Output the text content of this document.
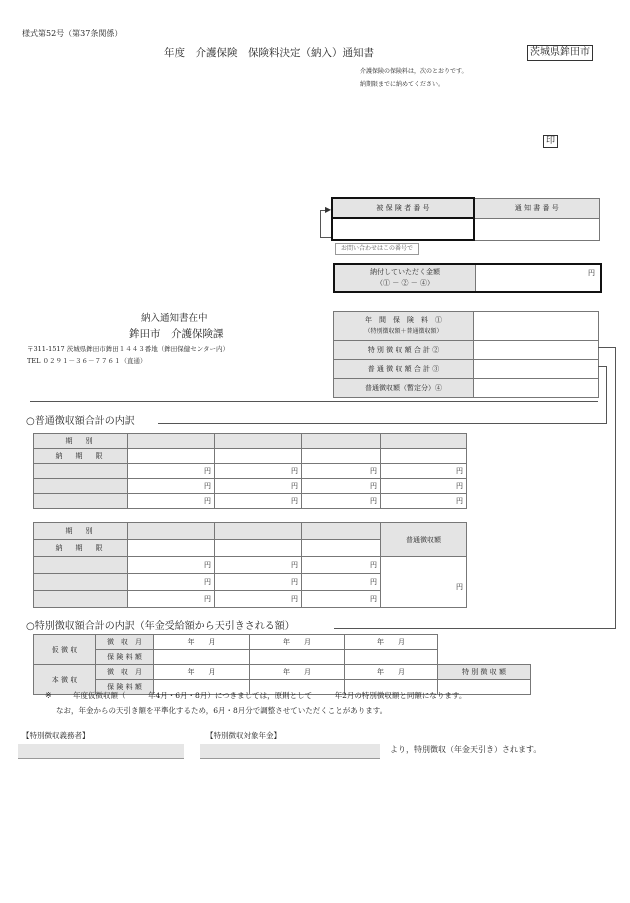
様式第52号（第37条関係）
年度　介護保険　保険料決定（納入）通知書	茨城県鉾田市
介護保険の保険料は，次のとおりです。
納期限までに納めてください。
印
被 保 険 者 番 号	通 知 書 番 号

▶
お問い合わせはこの番号で
納付していただく金額
（① － ② － ④）
円
納入通知書在中
鉾田市　介護保険課
〒311-1517 茨城県鉾田市鉾田１４４３番地（鉾田保健センター内）
TEL ０２９１－３６－７７６１（直通）
年　間　保　険　料　①
（特別徴収額＋普通徴収額）	
特 別 徴 収 額 合 計 ②	
普 通 徴 収 額 合 計 ③	
普通徴収額（暫定分）④	
○普通徴収額合計の内訳
期　別				
納　期　限				
	円	円	円	円
	円	円	円	円
	円	円	円	円
期　別				普通徴収額
納　期　限				
	円	円	円	円
	円	円	円	
	円	円	円	
○特別徴収額合計の内訳（年金受給額から天引きされる額）
仮 徴 収	徴　収　月	年　　月	年　　月	年　　月	
	保 険 料 額				
本 徴 収	徴　収　月	年　　月	年　　月	年　　月	特 別 徴 収 額
	保 険 料 額				
※	年度仮徴収額（　　　年4月・6月・8月）につきましては，原則として　　　年2月の特別徴収額と同額になります。
なお，年金からの天引き額を平準化するため，6月・8月分で調整させていただくことがあります。
【特別徴収義務者】	【特別徴収対象年金】
より，特別徴収（年金天引き）されます。
